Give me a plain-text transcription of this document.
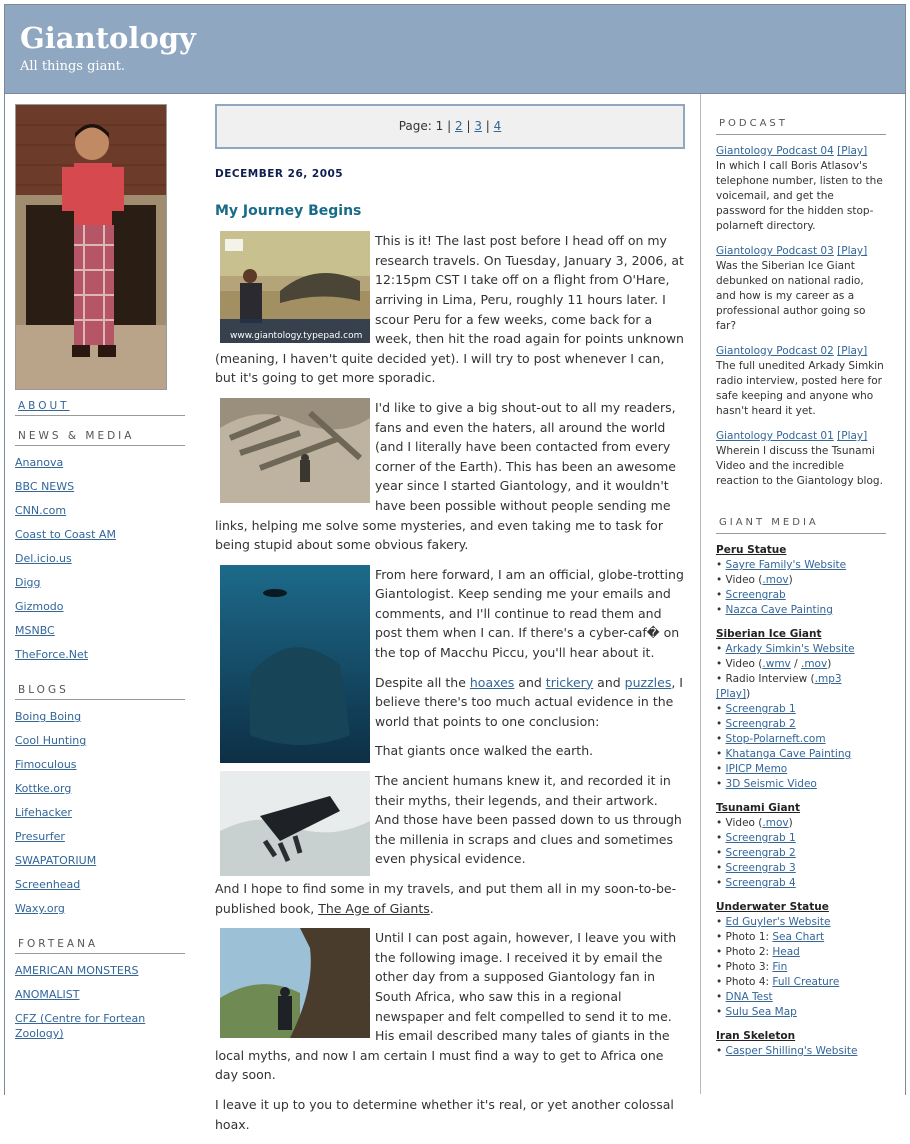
Giantology
All things giant.
ABOUT
NEWS & MEDIA
Ananova
BBC NEWS
CNN.com
Coast to Coast AM
Del.icio.us
Digg
Gizmodo
MSNBC
TheForce.Net
BLOGS
Boing Boing
Cool Hunting
Fimoculous
Kottke.org
Lifehacker
Presurfer
SWAPATORIUM
Screenhead
Waxy.org
FORTEANA
AMERICAN MONSTERS
ANOMALIST
CFZ (Centre for Fortean Zoology)
Page: 1 | 2 | 3 | 4
DECEMBER 26, 2005
My Journey Begins
www.giantology.typepad.com

This is it! The last post before I head off on my research travels. On Tuesday, January 3, 2006, at 12:15pm CST I take off on a flight from O'Hare, arriving in Lima, Peru, roughly 11 hours later. I scour Peru for a few weeks, come back for a week, then hit the road again for points unknown (meaning, I haven't quite decided yet). I will try to post whenever I can, but it's going to get more sporadic.

I'd like to give a big shout-out to all my readers, fans and even the haters, all around the world (and I literally have been contacted from every corner of the Earth). This has been an awesome year since I started Giantology, and it wouldn't have been possible without people sending me links, helping me solve some mysteries, and even taking me to task for being stupid about some obvious fakery.

From here forward, I am an official, globe-trotting Giantologist. Keep sending me your emails and comments, and I'll continue to read them and post them when I can. If there's a cyber-caf� on the top of Macchu Piccu, you'll hear about it.

Despite all the hoaxes and trickery and puzzles, I believe there's too much actual evidence in the world that points to one conclusion:

That giants once walked the earth.

The ancient humans knew it, and recorded it in their myths, their legends, and their artwork. And those have been passed down to us through the millenia in scraps and clues and sometimes even physical evidence.

And I hope to find some in my travels, and put them all in my soon-to-be-published book, The Age of Giants.

Until I can post again, however, I leave you with the following image. I received it by email the other day from a supposed Giantology fan in South Africa, who saw this in a regional newspaper and felt compelled to send it to me. His email described many tales of giants in the local myths, and now I am certain I must find a way to get to Africa one day soon.

I leave it up to you to determine whether it's real, or yet another colossal hoax.

PODCAST
Giantology Podcast 04 [Play]
In which I call Boris Atlasov's telephone number, listen to the voicemail, and get the password for the hidden stop-polarneft directory.
Giantology Podcast 03 [Play]
Was the Siberian Ice Giant debunked on national radio, and how is my career as a professional author going so far?
Giantology Podcast 02 [Play]
The full unedited Arkady Simkin radio interview, posted here for safe keeping and anyone who hasn't heard it yet.
Giantology Podcast 01 [Play]
Wherein I discuss the Tsunami Video and the incredible reaction to the Giantology blog.
GIANT MEDIA
Peru Statue
• Sayre Family's Website
• Video (.mov)
• Screengrab
• Nazca Cave Painting
Siberian Ice Giant
• Arkady Simkin's Website
• Video (.wmv / .mov)
• Radio Interview (.mp3
[Play])
• Screengrab 1
• Screengrab 2
• Stop-Polarneft.com
• Khatanga Cave Painting
• IPICP Memo
• 3D Seismic Video
Tsunami Giant
• Video (.mov)
• Screengrab 1
• Screengrab 2
• Screengrab 3
• Screengrab 4
Underwater Statue
• Ed Guyler's Website
• Photo 1: Sea Chart
• Photo 2: Head
• Photo 3: Fin
• Photo 4: Full Creature
• DNA Test
• Sulu Sea Map
Iran Skeleton
• Casper Shilling's Website
